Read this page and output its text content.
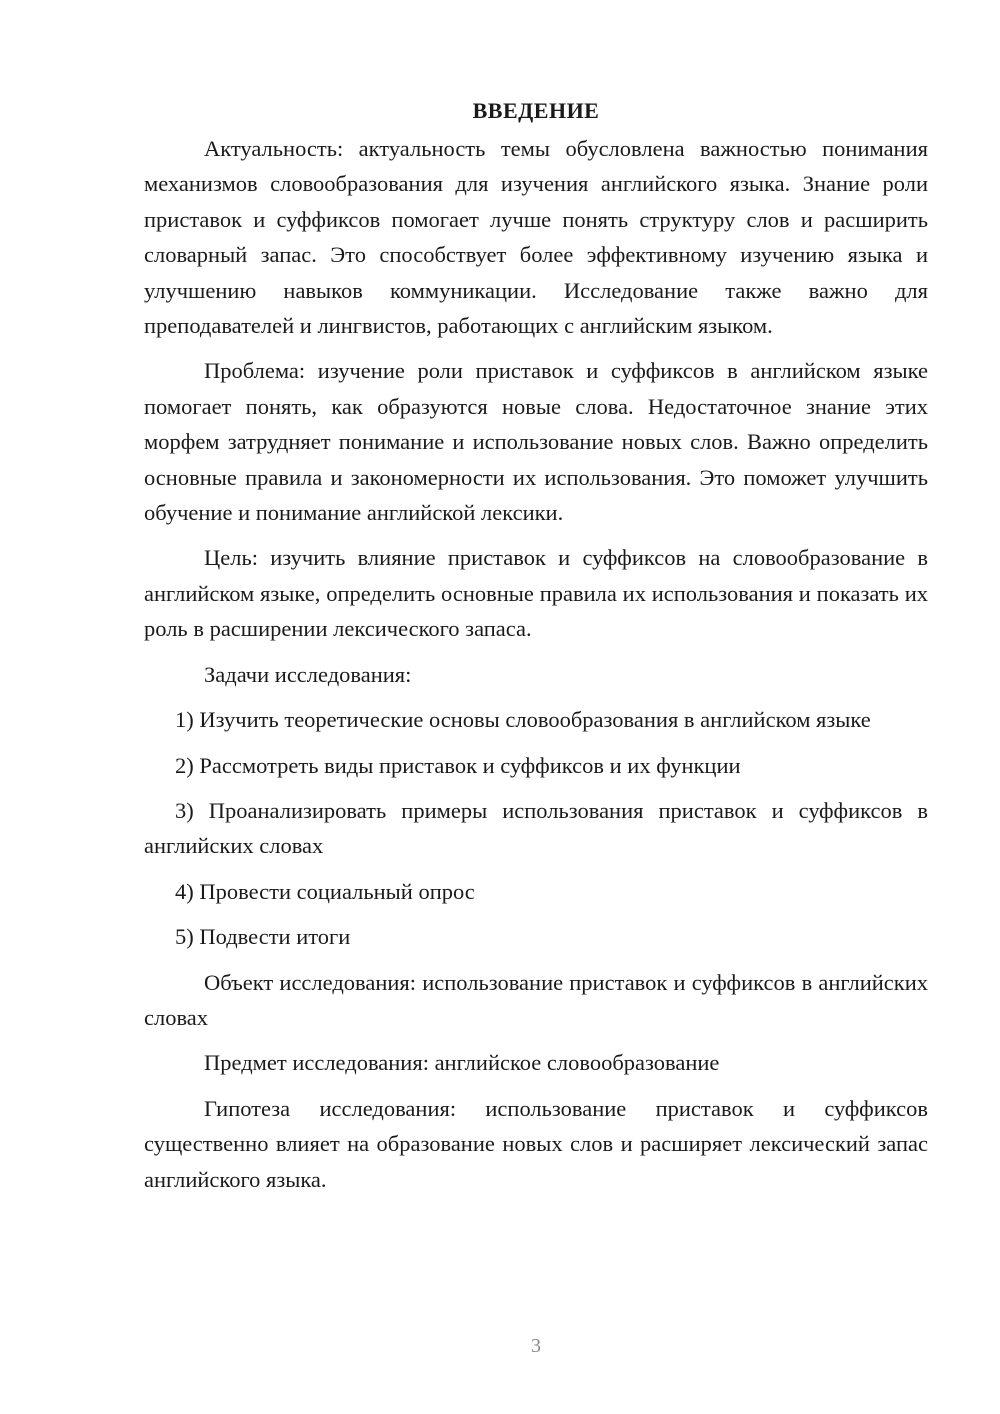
ВВЕДЕНИЕ

Актуальность: актуальность темы обусловлена важностью понимания механизмов словообразования для изучения английского языка. Знание роли приставок и суффиксов помогает лучше понять структуру слов и расширить словарный запас. Это способствует более эффективному изучению языка и улучшению навыков коммуникации. Исследование также важно для преподавателей и лингвистов, работающих с английским языком.

Проблема: изучение роли приставок и суффиксов в английском языке помогает понять, как образуются новые слова. Недостаточное знание этих морфем затрудняет понимание и использование новых слов. Важно определить основные правила и закономерности их использования. Это поможет улучшить обучение и понимание английской лексики.

Цель: изучить влияние приставок и суффиксов на словообразование в английском языке, определить основные правила их использования и показать их роль в расширении лексического запаса.

Задачи исследования:

1) Изучить теоретические основы словообразования в английском языке

2) Рассмотреть виды приставок и суффиксов и их функции

3) Проанализировать примеры использования приставок и суффиксов в английских словах

4) Провести социальный опрос

5) Подвести итоги

Объект исследования: использование приставок и суффиксов в английских словах

Предмет исследования: английское словообразование

Гипотеза исследования: использование приставок и суффиксов существенно влияет на образование новых слов и расширяет лексический запас английского языка.

3
